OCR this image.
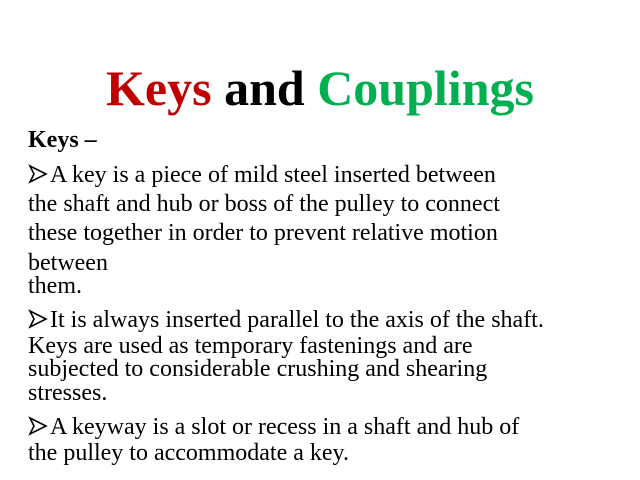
Keys and Couplings
Keys –
A key is a piece of mild steel inserted between
the shaft and hub or boss of the pulley to connect
these together in order to prevent relative motion
between
them.
It is always inserted parallel to the axis of the shaft.
Keys are used as temporary fastenings and are
subjected to considerable crushing and shearing
stresses.
A keyway is a slot or recess in a shaft and hub of
the pulley to accommodate a key.
